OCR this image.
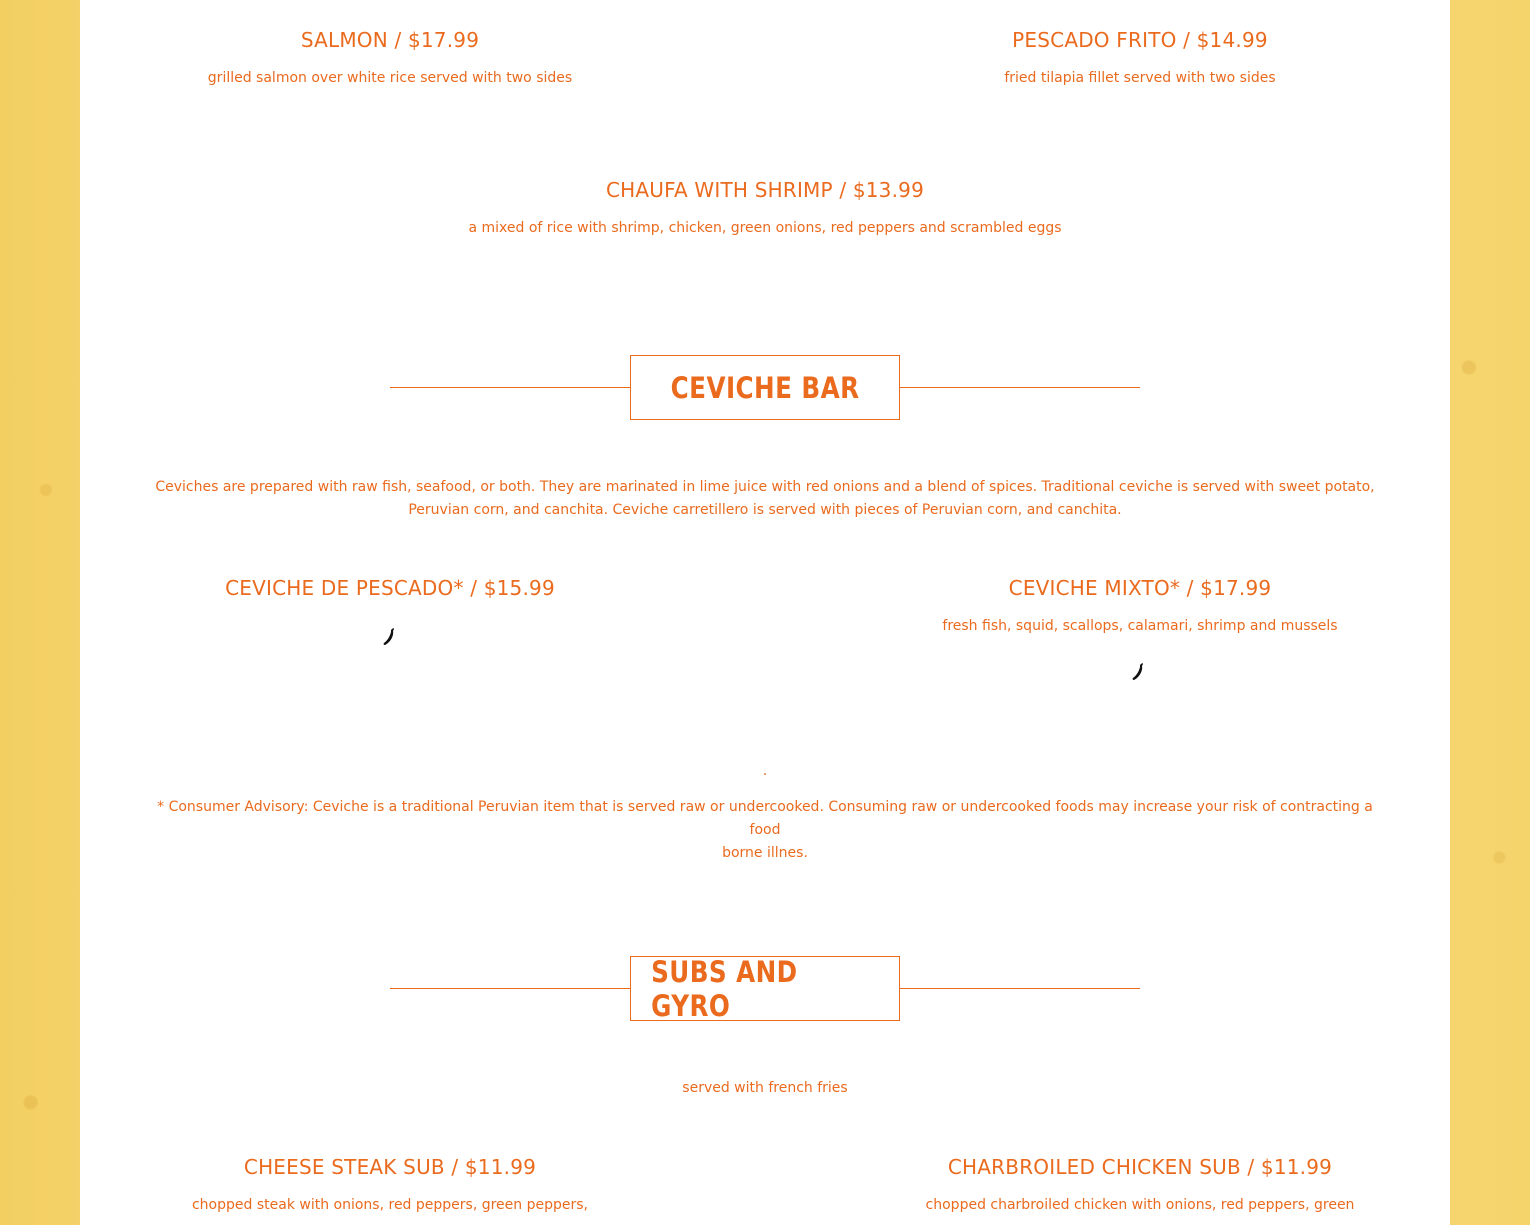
SALMON / $17.99
grilled salmon over white rice served with two sides
PESCADO FRITO / $14.99
fried tilapia fillet served with two sides
CHAUFA WITH SHRIMP / $13.99
a mixed of rice with shrimp, chicken, green onions, red peppers and scrambled eggs
CEVICHE BAR
Ceviches are prepared with raw fish, seafood, or both. They are marinated in lime juice with red onions and a blend of spices. Traditional ceviche is served with sweet potato,
Peruvian corn, and canchita. Ceviche carretillero is served with pieces of Peruvian corn, and canchita.
CEVICHE DE PESCADO* / $15.99	CEVICHE MIXTO* / $17.99
fresh fish, squid, scallops, calamari, shrimp and mussels
.
* Consumer Advisory: Ceviche is a traditional Peruvian item that is served raw or undercooked. Consuming raw or undercooked foods may increase your risk of contracting a food
borne illnes.
SUBS AND GYRO
served with french fries
CHEESE STEAK SUB / $11.99
chopped steak with onions, red peppers, green peppers,
CHARBROILED CHICKEN SUB / $11.99
chopped charbroiled chicken with onions, red peppers, green
